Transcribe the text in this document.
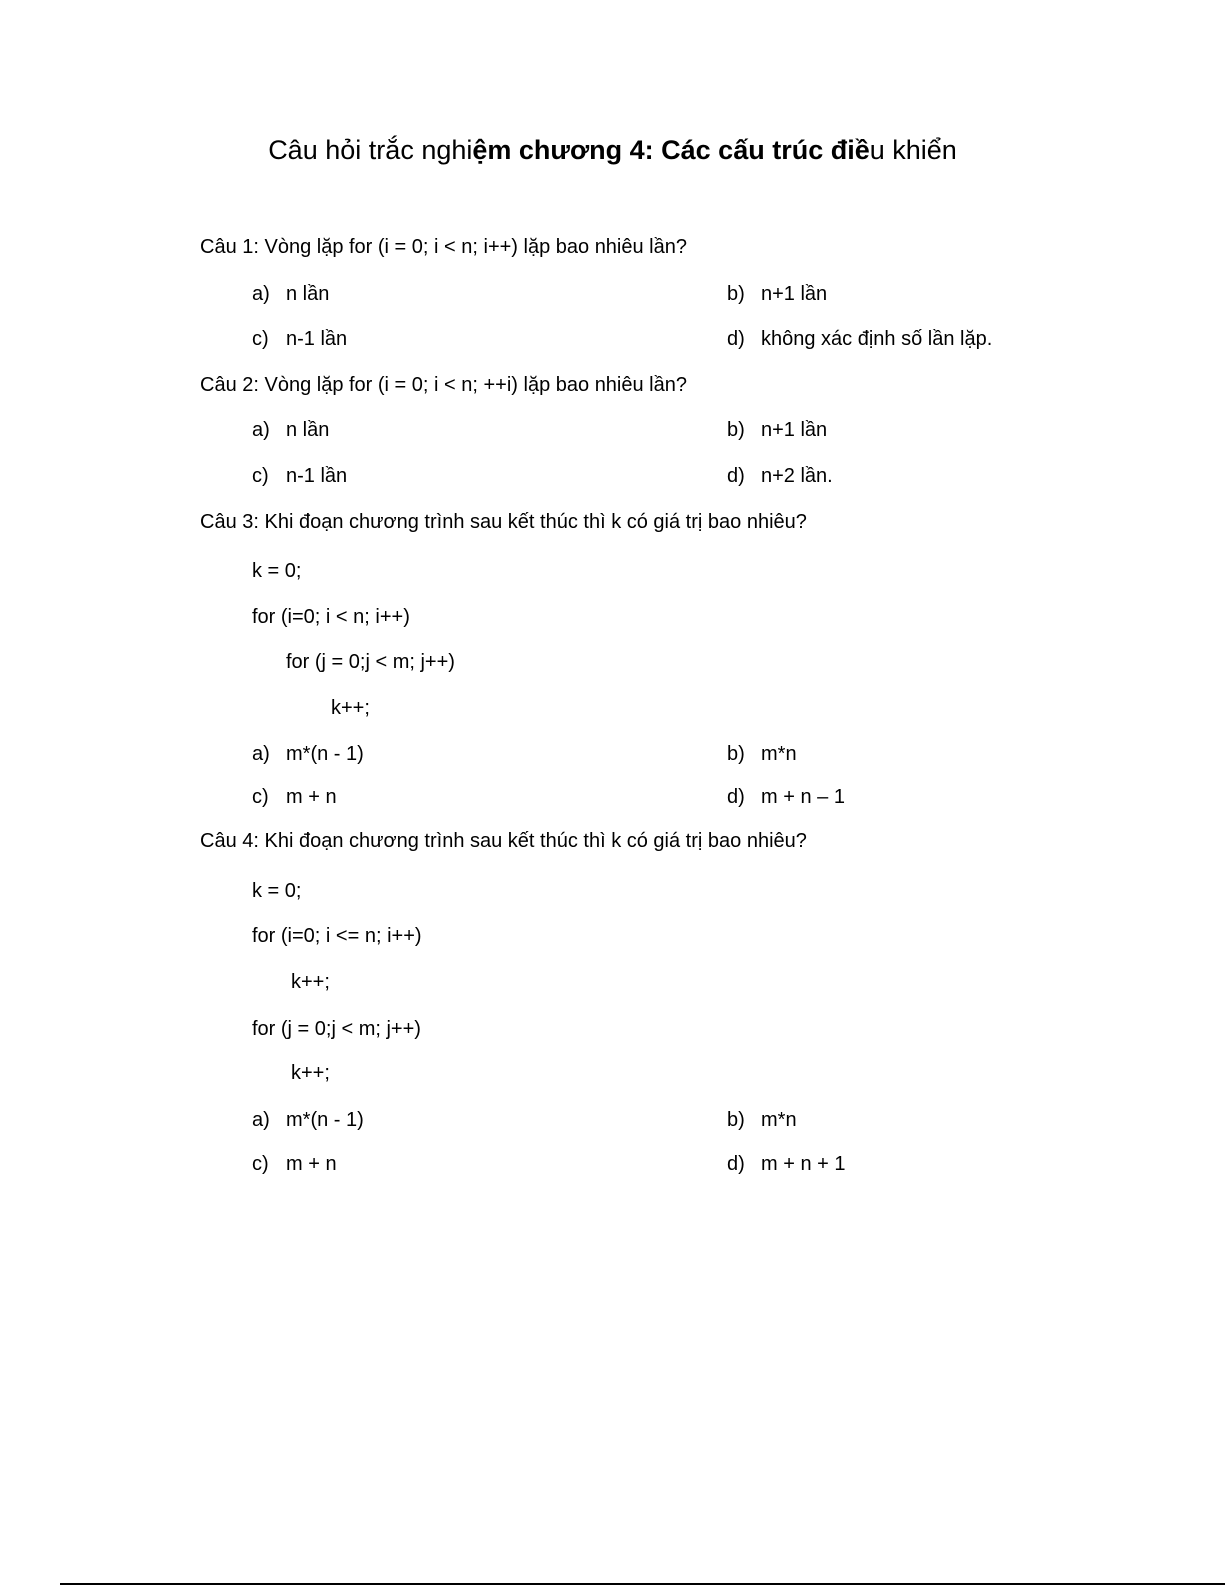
Câu hỏi trắc nghiệm chương 4: Các cấu trúc điều khiển
Câu 1: Vòng lặp for (i = 0; i < n; i++) lặp bao nhiêu lần?
a) n lần	b) n+1 lần
c) n-1 lần	d) không xác định số lần lặp.
Câu 2: Vòng lặp for (i = 0; i < n; ++i) lặp bao nhiêu lần?
a) n lần	b) n+1 lần
c) n-1 lần	d) n+2 lần.
Câu 3: Khi đoạn chương trình sau kết thúc thì k có giá trị bao nhiêu?
k = 0;
for (i=0; i < n; i++)
for (j = 0;j < m; j++)
k++;
a) m*(n - 1)	b) m*n
c) m + n	d) m + n – 1
Câu 4: Khi đoạn chương trình sau kết thúc thì k có giá trị bao nhiêu?
k = 0;
for (i=0; i <= n; i++)
k++;
for (j = 0;j < m; j++)
k++;
a) m*(n - 1)	b) m*n
c) m + n	d) m + n + 1
